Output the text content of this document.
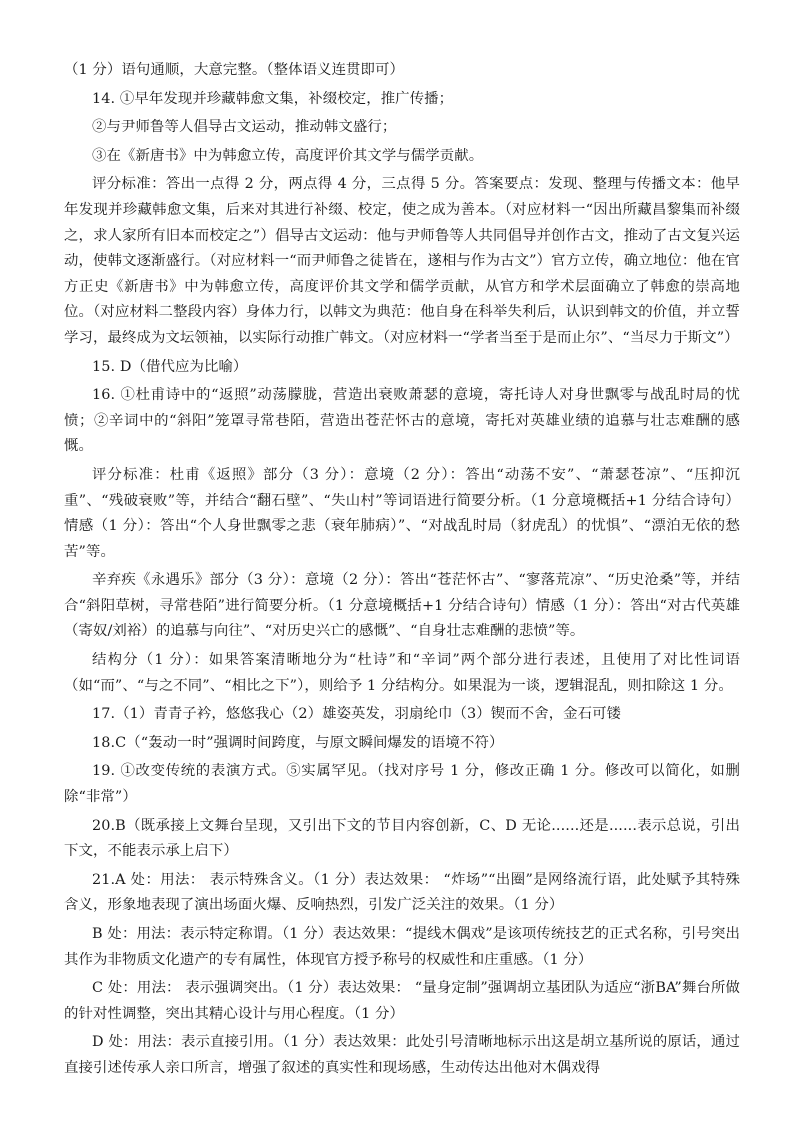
（1 分）语句通顺，大意完整。（整体语义连贯即可）

14. ①早年发现并珍藏韩愈文集，补缀校定，推广传播；

②与尹师鲁等人倡导古文运动，推动韩文盛行；

③在《新唐书》中为韩愈立传，高度评价其文学与儒学贡献。

评分标准：答出一点得 2 分，两点得 4 分，三点得 5 分。答案要点：发现、整理与传播文本：他早年发现并珍藏韩愈文集，后来对其进行补缀、校定，使之成为善本。（对应材料一“因出所藏昌黎集而补缀之，求人家所有旧本而校定之”）倡导古文运动：他与尹师鲁等人共同倡导并创作古文，推动了古文复兴运动，使韩文逐渐盛行。（对应材料一“而尹师鲁之徒皆在，遂相与作为古文”）官方立传，确立地位：他在官方正史《新唐书》中为韩愈立传，高度评价其文学和儒学贡献，从官方和学术层面确立了韩愈的崇高地位。（对应材料二整段内容）身体力行，以韩文为典范：他自身在科举失利后，认识到韩文的价值，并立誓学习，最终成为文坛领袖，以实际行动推广韩文。（对应材料一“学者当至于是而止尔”、“当尽力于斯文”）

15. D（借代应为比喻）

16. ①杜甫诗中的“返照”动荡朦胧，营造出衰败萧瑟的意境，寄托诗人对身世飘零与战乱时局的忧愤；②辛词中的“斜阳”笼罩寻常巷陌，营造出苍茫怀古的意境，寄托对英雄业绩的追慕与壮志难酬的感慨。

评分标准：杜甫《返照》部分（3 分）：意境（2 分）：答出“动荡不安”、“萧瑟苍凉”、“压抑沉重”、“残破衰败”等，并结合“翻石壁”、“失山村”等词语进行简要分析。（1 分意境概括+1 分结合诗句）情感（1 分）：答出“个人身世飘零之悲（衰年肺病）”、“对战乱时局（豺虎乱）的忧惧”、“漂泊无依的愁苦”等。

辛弃疾《永遇乐》部分（3 分）：意境（2 分）：答出“苍茫怀古”、“寥落荒凉”、“历史沧桑”等，并结合“斜阳草树，寻常巷陌”进行简要分析。（1 分意境概括+1 分结合诗句）情感（1 分）：答出“对古代英雄（寄奴/刘裕）的追慕与向往”、“对历史兴亡的感慨”、“自身壮志难酬的悲愤”等。

结构分（1 分）：如果答案清晰地分为“杜诗”和“辛词”两个部分进行表述，且使用了对比性词语（如“而”、“与之不同”、“相比之下”），则给予 1 分结构分。如果混为一谈，逻辑混乱，则扣除这 1 分。

17.（1）青青子衿，悠悠我心（2）雄姿英发，羽扇纶巾（3）锲而不舍，金石可镂

18.C（“轰动一时”强调时间跨度，与原文瞬间爆发的语境不符）

19. ①改变传统的表演方式。⑤实属罕见。（找对序号 1 分，修改正确 1 分。修改可以简化，如删除“非常”）

20.B（既承接上文舞台呈现，又引出下文的节目内容创新，C、D 无论......还是......表示总说，引出下文，不能表示承上启下）

21.A 处：用法： 表示特殊含义。（1 分）表达效果： “炸场”“出圈”是网络流行语，此处赋予其特殊含义，形象地表现了演出场面火爆、反响热烈，引发广泛关注的效果。（1 分）

B 处：用法：表示特定称谓。（1 分）表达效果：“提线木偶戏”是该项传统技艺的正式名称，引号突出其作为非物质文化遗产的专有属性，体现官方授予称号的权威性和庄重感。（1 分）

C 处：用法： 表示强调突出。（1 分）表达效果： “量身定制”强调胡立基团队为适应“浙BA”舞台所做的针对性调整，突出其精心设计与用心程度。（1 分）

D 处：用法：表示直接引用。（1 分）表达效果：此处引号清晰地标示出这是胡立基所说的原话，通过直接引述传承人亲口所言，增强了叙述的真实性和现场感，生动传达出他对木偶戏得
